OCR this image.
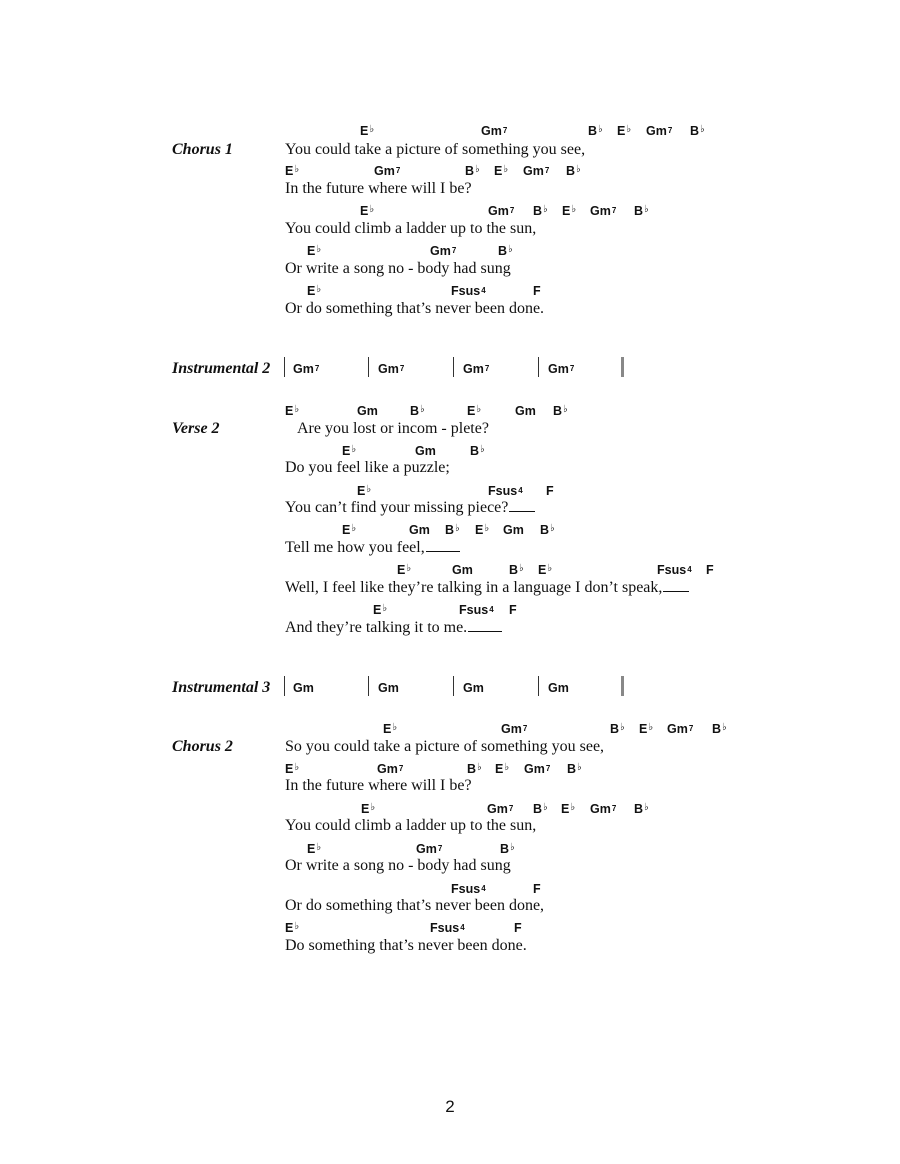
Chorus 1
E♭	Gm$^7$	B♭ E♭ Gm$^7$ B♭
You could take a picture of something you see,
E♭	Gm$^7$	B♭ E♭ Gm$^7$ B♭
In the future where will I be?
E♭	Gm$^7$ B♭ E♭ Gm$^7$ B♭
You could climb a ladder up to the sun,
E♭	Gm$^7$	B♭
Or write a song no - body had sung
E♭	Fsus$^4$	F
Or do something that’s never been done.
Instrumental 2 Gm$^7$	Gm$^7$	Gm$^7$	Gm$^7$
Verse 2
E♭	Gm	B♭	E♭	Gm B♭
Are you lost or incom - plete?
E♭	Gm	B♭
Do you feel like a puzzle;
E♭	Fsus$^4$ F
You can’t find your missing piece?
E♭	Gm B♭ E♭ Gm B♭
Tell me how you feel,
E♭	Gm	B♭ E♭	Fsus$^4$ F
Well, I feel like they’re talking in a language I don’t speak,
E♭	Fsus$^4$ F
And they’re talking it to me.
Instrumental 3 Gm	Gm	Gm	Gm
Chorus 2
E♭	Gm$^7$	B♭ E♭ Gm$^7$ B♭
So you could take a picture of something you see,
E♭	Gm$^7$	B♭ E♭ Gm$^7$ B♭
In the future where will I be?
E♭	Gm$^7$ B♭ E♭ Gm$^7$ B♭
You could climb a ladder up to the sun,
E♭	Gm$^7$	B♭
Or write a song no - body had sung
Fsus$^4$	F
Or do something that’s never been done,
E♭	Fsus$^4$	F
Do something that’s never been done.
2
